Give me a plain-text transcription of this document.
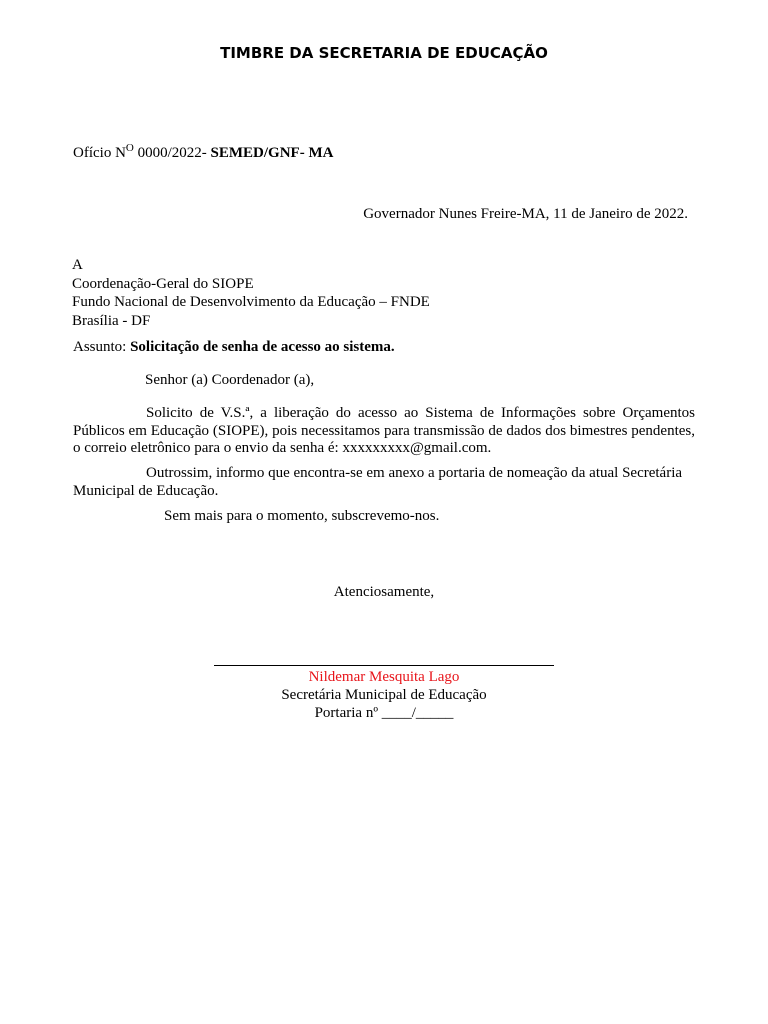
TIMBRE DA SECRETARIA DE EDUCAÇÃO
Ofício $N^O$ 0000/2022- SEMED/GNF- MA
Governador Nunes Freire-MA, 11 de Janeiro de 2022.
A
Coordenação-Geral do SIOPE
Fundo Nacional de Desenvolvimento da Educação – FNDE
Brasília - DF
Assunto: Solicitação de senha de acesso ao sistema.
Senhor (a) Coordenador (a),
Solicito de V.S.ª, a liberação do acesso ao Sistema de Informações sobre Orçamentos Públicos em Educação (SIOPE), pois necessitamos para transmissão de dados dos bimestres pendentes, o correio eletrônico para o envio da senha é: xxxxxxxxx@gmail.com.
Outrossim, informo que encontra-se em anexo a portaria de nomeação da atual Secretária Municipal de Educação.
Sem mais para o momento, subscrevemo-nos.
Atenciosamente,
Nildemar Mesquita Lago
Secretária Municipal de Educação
Portaria nº ____/_____
